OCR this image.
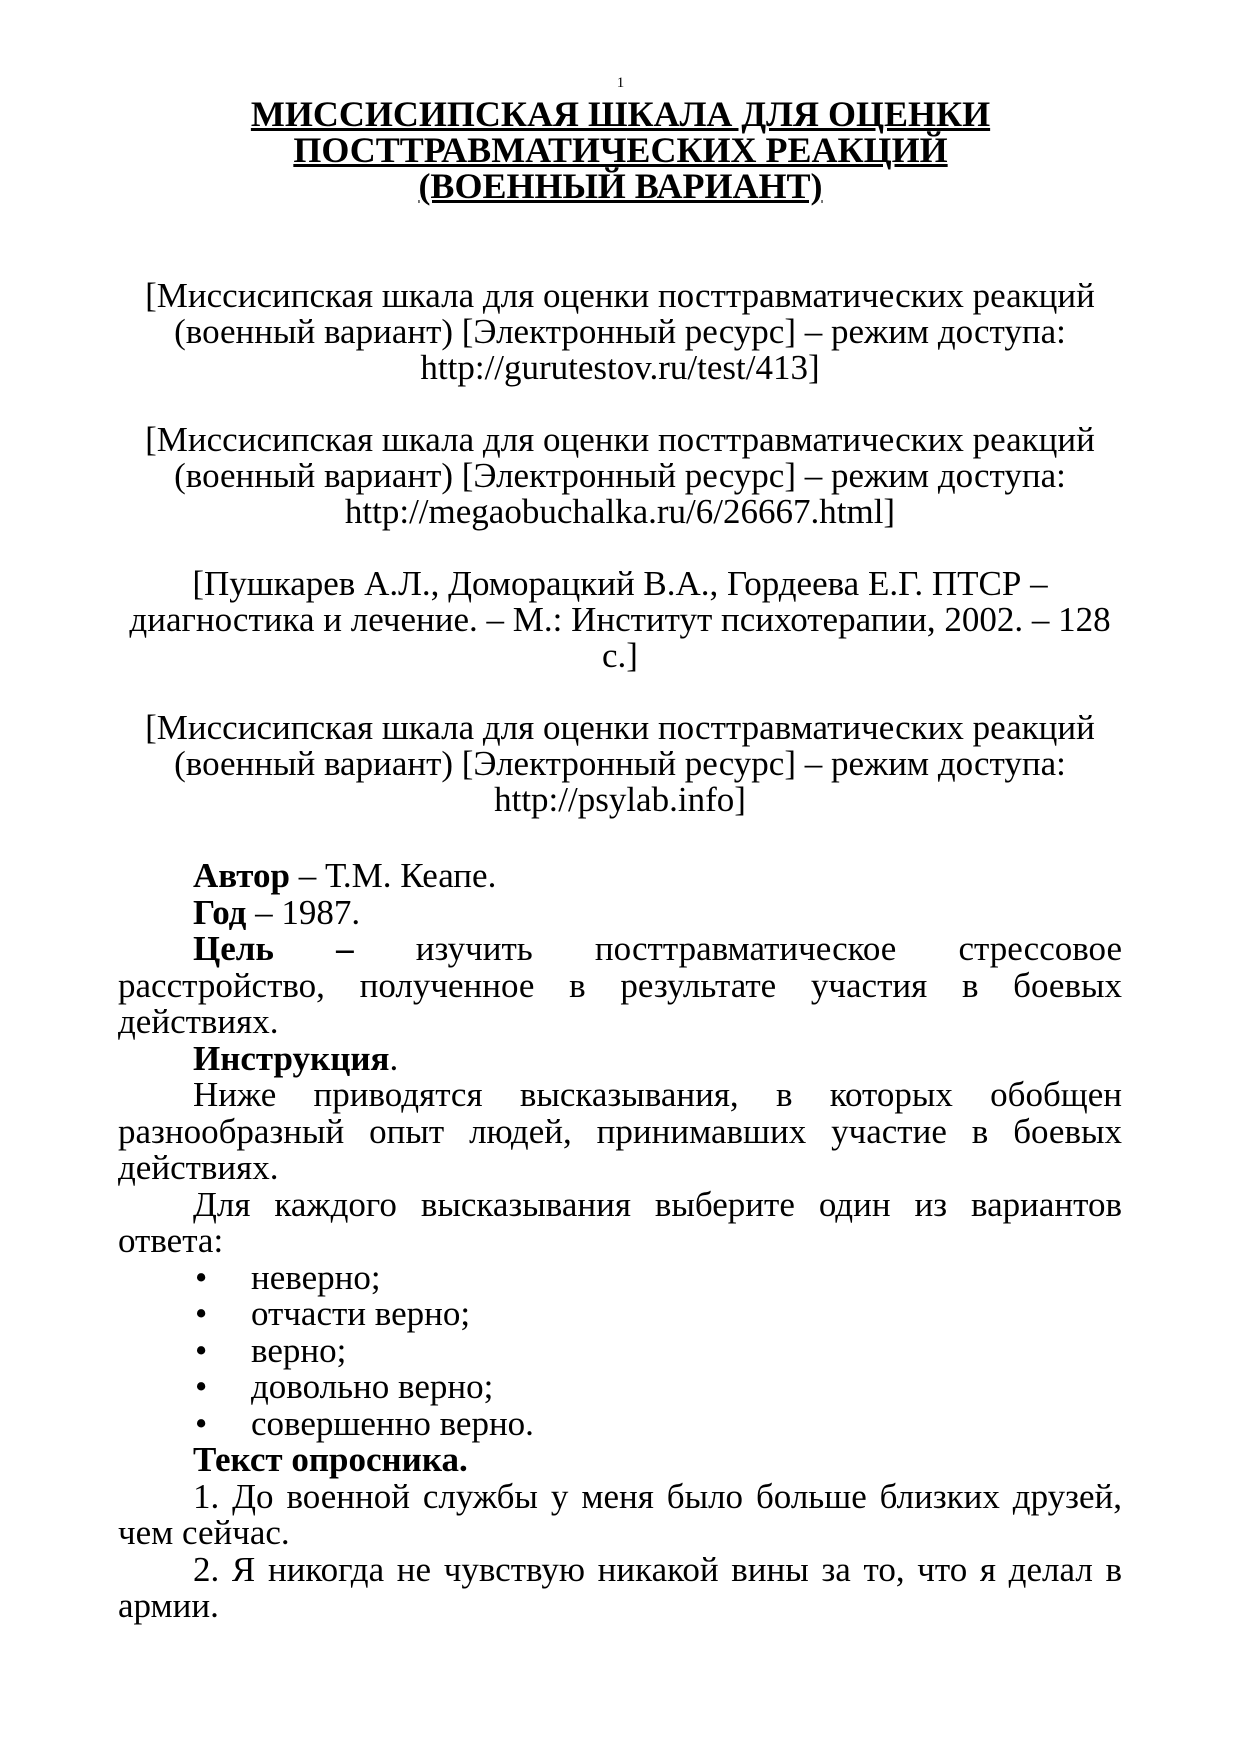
1
МИССИСИПСКАЯ ШКАЛА ДЛЯ ОЦЕНКИ
ПОСТТРАВМАТИЧЕСКИХ РЕАКЦИЙ
(ВОЕННЫЙ ВАРИАНТ)

[Миссисипская шкала для оценки посттравматических реакций (военный вариант) [Электронный ресурс] – режим доступа: http://gurutestov.ru/test/413]

[Миссисипская шкала для оценки посттравматических реакций (военный вариант) [Электронный ресурс] – режим доступа: http://megaobuchalka.ru/6/26667.html]

[Пушкарев А.Л., Доморацкий В.А., Гордеева Е.Г. ПТСР – диагностика и лечение. – М.: Институт психотерапии, 2002. – 128 с.]

[Миссисипская шкала для оценки посттравматических реакций (военный вариант) [Электронный ресурс] – режим доступа: http://psylab.info]

Автор – Т.М. Кеапе.

Год – 1987.

Цель – изучить посттравматическое стрессовое расстройство, полученное в результате участия в боевых действиях.

Инструкция.

Ниже приводятся высказывания, в которых обобщен разнообразный опыт людей, принимавших участие в боевых действиях.

Для каждого высказывания выберите один из вариантов ответа:

•	неверно;
•	отчасти верно;
•	верно;
•	довольно верно;
•	совершенно верно.

Текст опросника.

1. До военной службы у меня было больше близких друзей, чем сейчас.

2. Я никогда не чувствую никакой вины за то, что я делал в армии.
